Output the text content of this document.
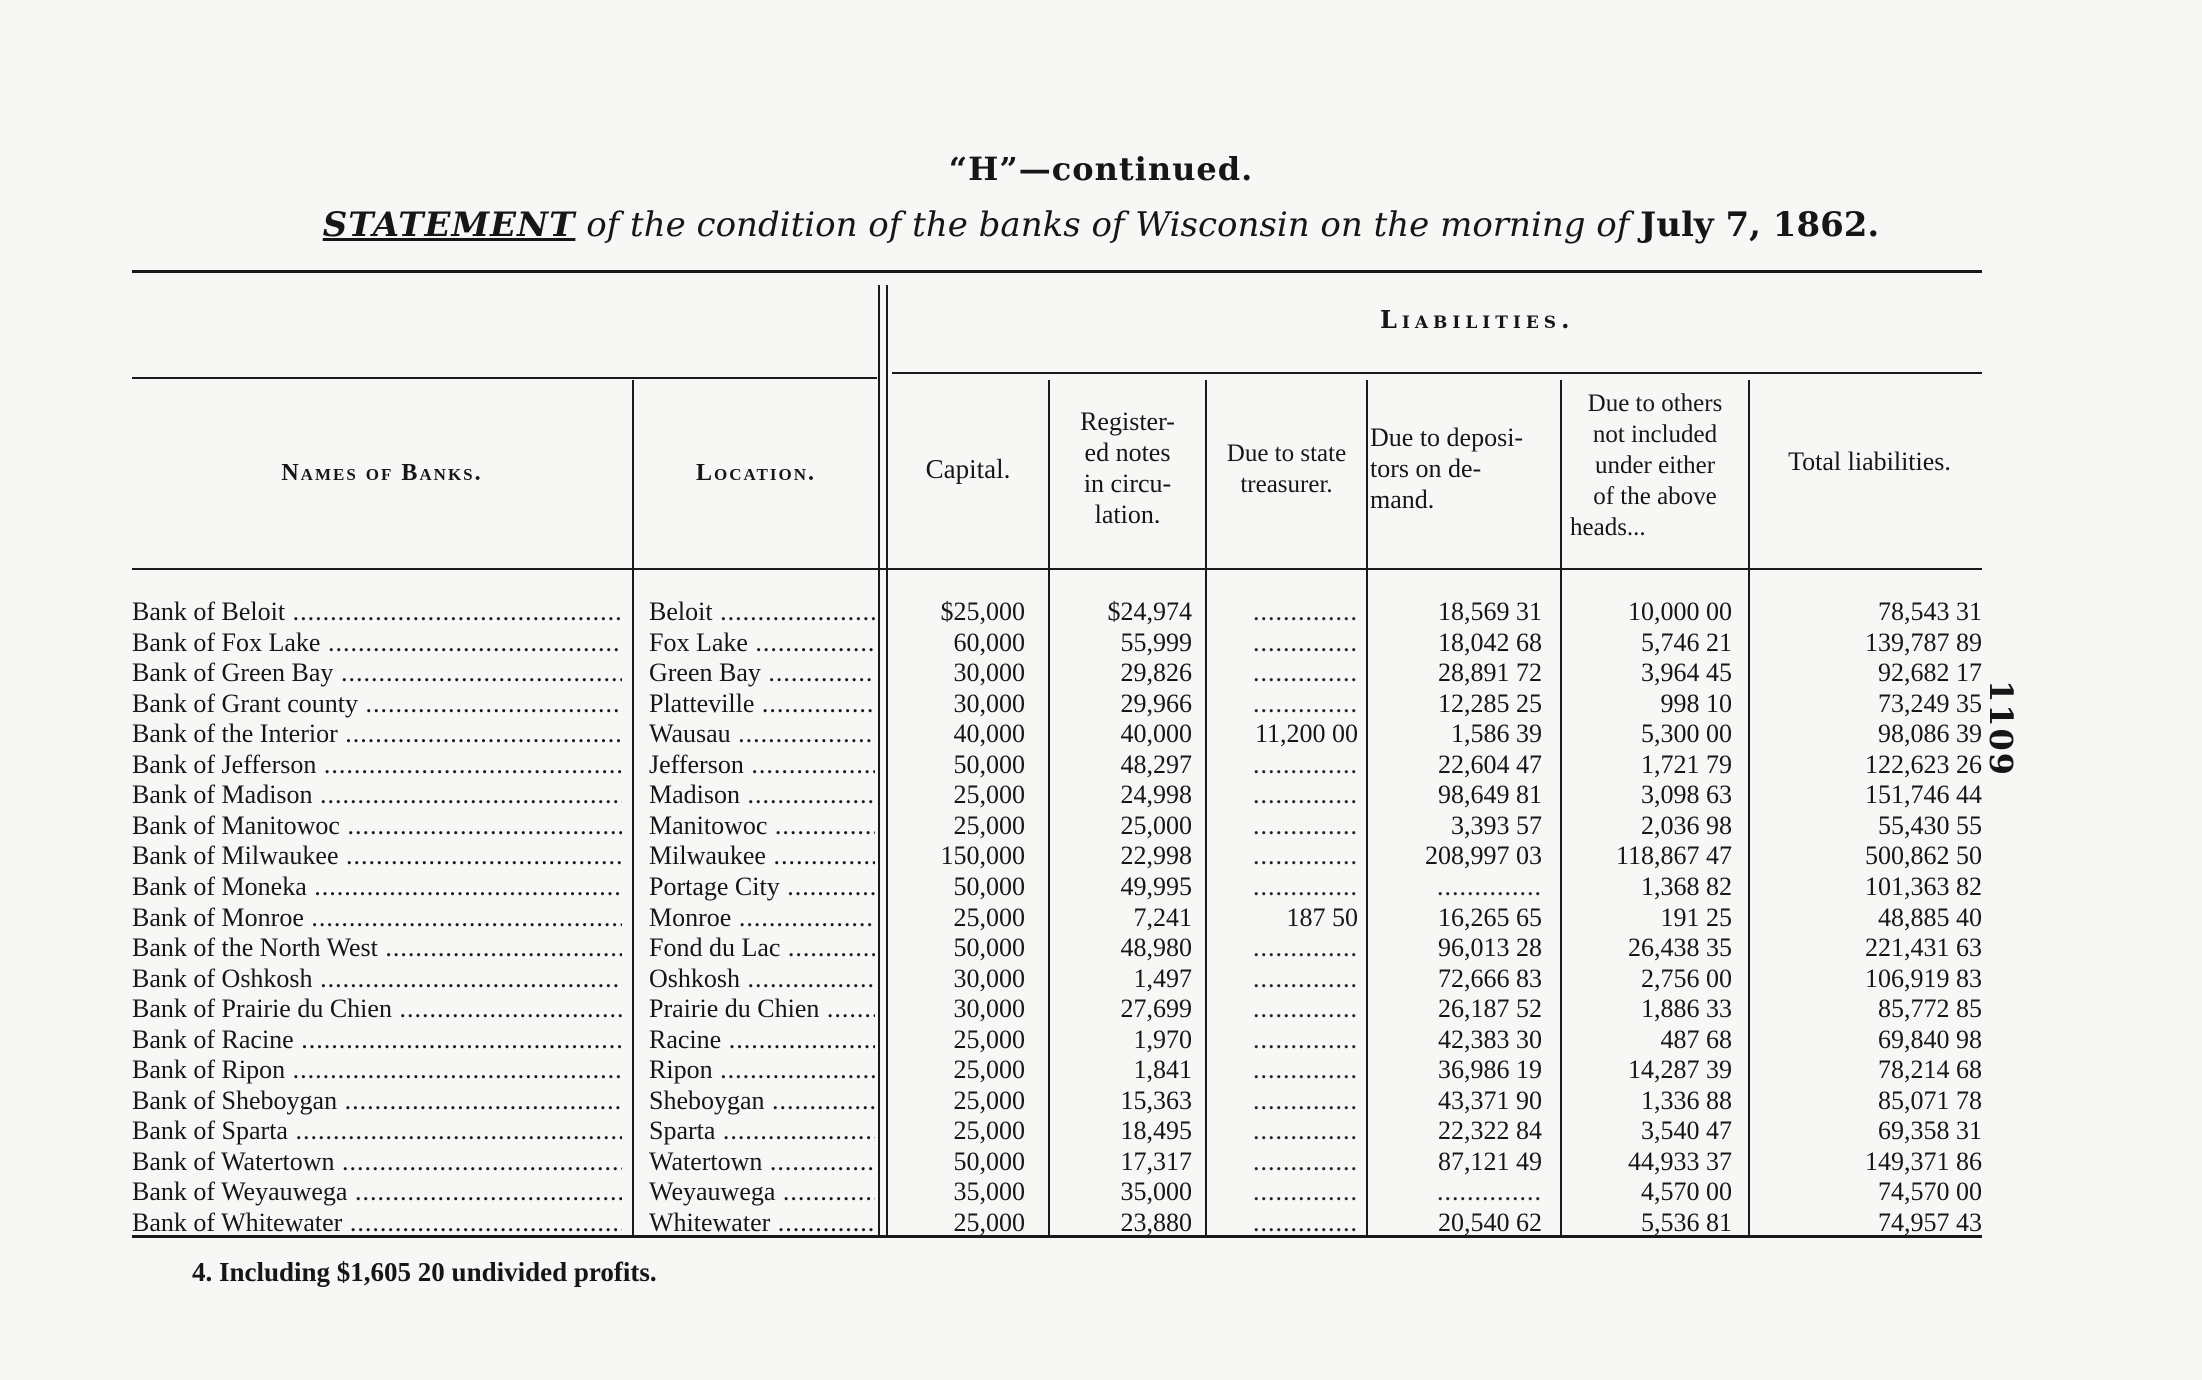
“H”—continued.
STATEMENT of the condition of the banks of Wisconsin on the morning of July 7, 1862.
Liabilities.
Names of Banks.	Location.	Capital.
Register-
ed notes
in circu-
lation.
Due to state
treasurer.
Due to deposi-
tors on de-
mand.
Due to others
not included
under either
of the above
heads...
Total liabilities.
Bank of Beloit .....	Beloit .....	$25,000	$24,974	..............	18,569 31	10,000 00	78,543 31
Bank of Fox Lake .....	Fox Lake .....	60,000	55,999	..............	18,042 68	5,746 21	139,787 89
Bank of Green Bay .....	Green Bay .....	30,000	29,826	..............	28,891 72	3,964 45	92,682 17
Bank of Grant county .....	Platteville .....	30,000	29,966	..............	12,285 25	998 10	73,249 35
Bank of the Interior .....	Wausau .....	40,000	40,000	11,200 00	1,586 39	5,300 00	98,086 39
Bank of Jefferson .....	Jefferson .....	50,000	48,297	..............	22,604 47	1,721 79	122,623 26
Bank of Madison .....	Madison .....	25,000	24,998	..............	98,649 81	3,098 63	151,746 44
Bank of Manitowoc .....	Manitowoc .....	25,000	25,000	..............	3,393 57	2,036 98	55,430 55
Bank of Milwaukee .....	Milwaukee .....	150,000	22,998	..............	208,997 03	118,867 47	500,862 50
Bank of Moneka .....	Portage City .....	50,000	49,995	..............	..............	1,368 82	101,363 82
Bank of Monroe .....	Monroe .....	25,000	7,241	187 50	16,265 65	191 25	48,885 40
Bank of the North West .....	Fond du Lac .....	50,000	48,980	..............	96,013 28	26,438 35	221,431 63
Bank of Oshkosh .....	Oshkosh .....	30,000	1,497	..............	72,666 83	2,756 00	106,919 83
Bank of Prairie du Chien .....	Prairie du Chien .....	30,000	27,699	..............	26,187 52	1,886 33	85,772 85
Bank of Racine .....	Racine .....	25,000	1,970	..............	42,383 30	487 68	69,840 98
Bank of Ripon .....	Ripon .....	25,000	1,841	..............	36,986 19	14,287 39	78,214 68
Bank of Sheboygan .....	Sheboygan .....	25,000	15,363	..............	43,371 90	1,336 88	85,071 78
Bank of Sparta .....	Sparta .....	25,000	18,495	..............	22,322 84	3,540 47	69,358 31
Bank of Watertown .....	Watertown .....	50,000	17,317	..............	87,121 49	44,933 37	149,371 86
Bank of Weyauwega .....	Weyauwega .....	35,000	35,000	..............	..............	4,570 00	74,570 00
Bank of Whitewater .....	Whitewater .....	25,000	23,880	..............	20,540 62	5,536 81	74,957 43
4. Including $1,605 20 undivided profits.
1109
